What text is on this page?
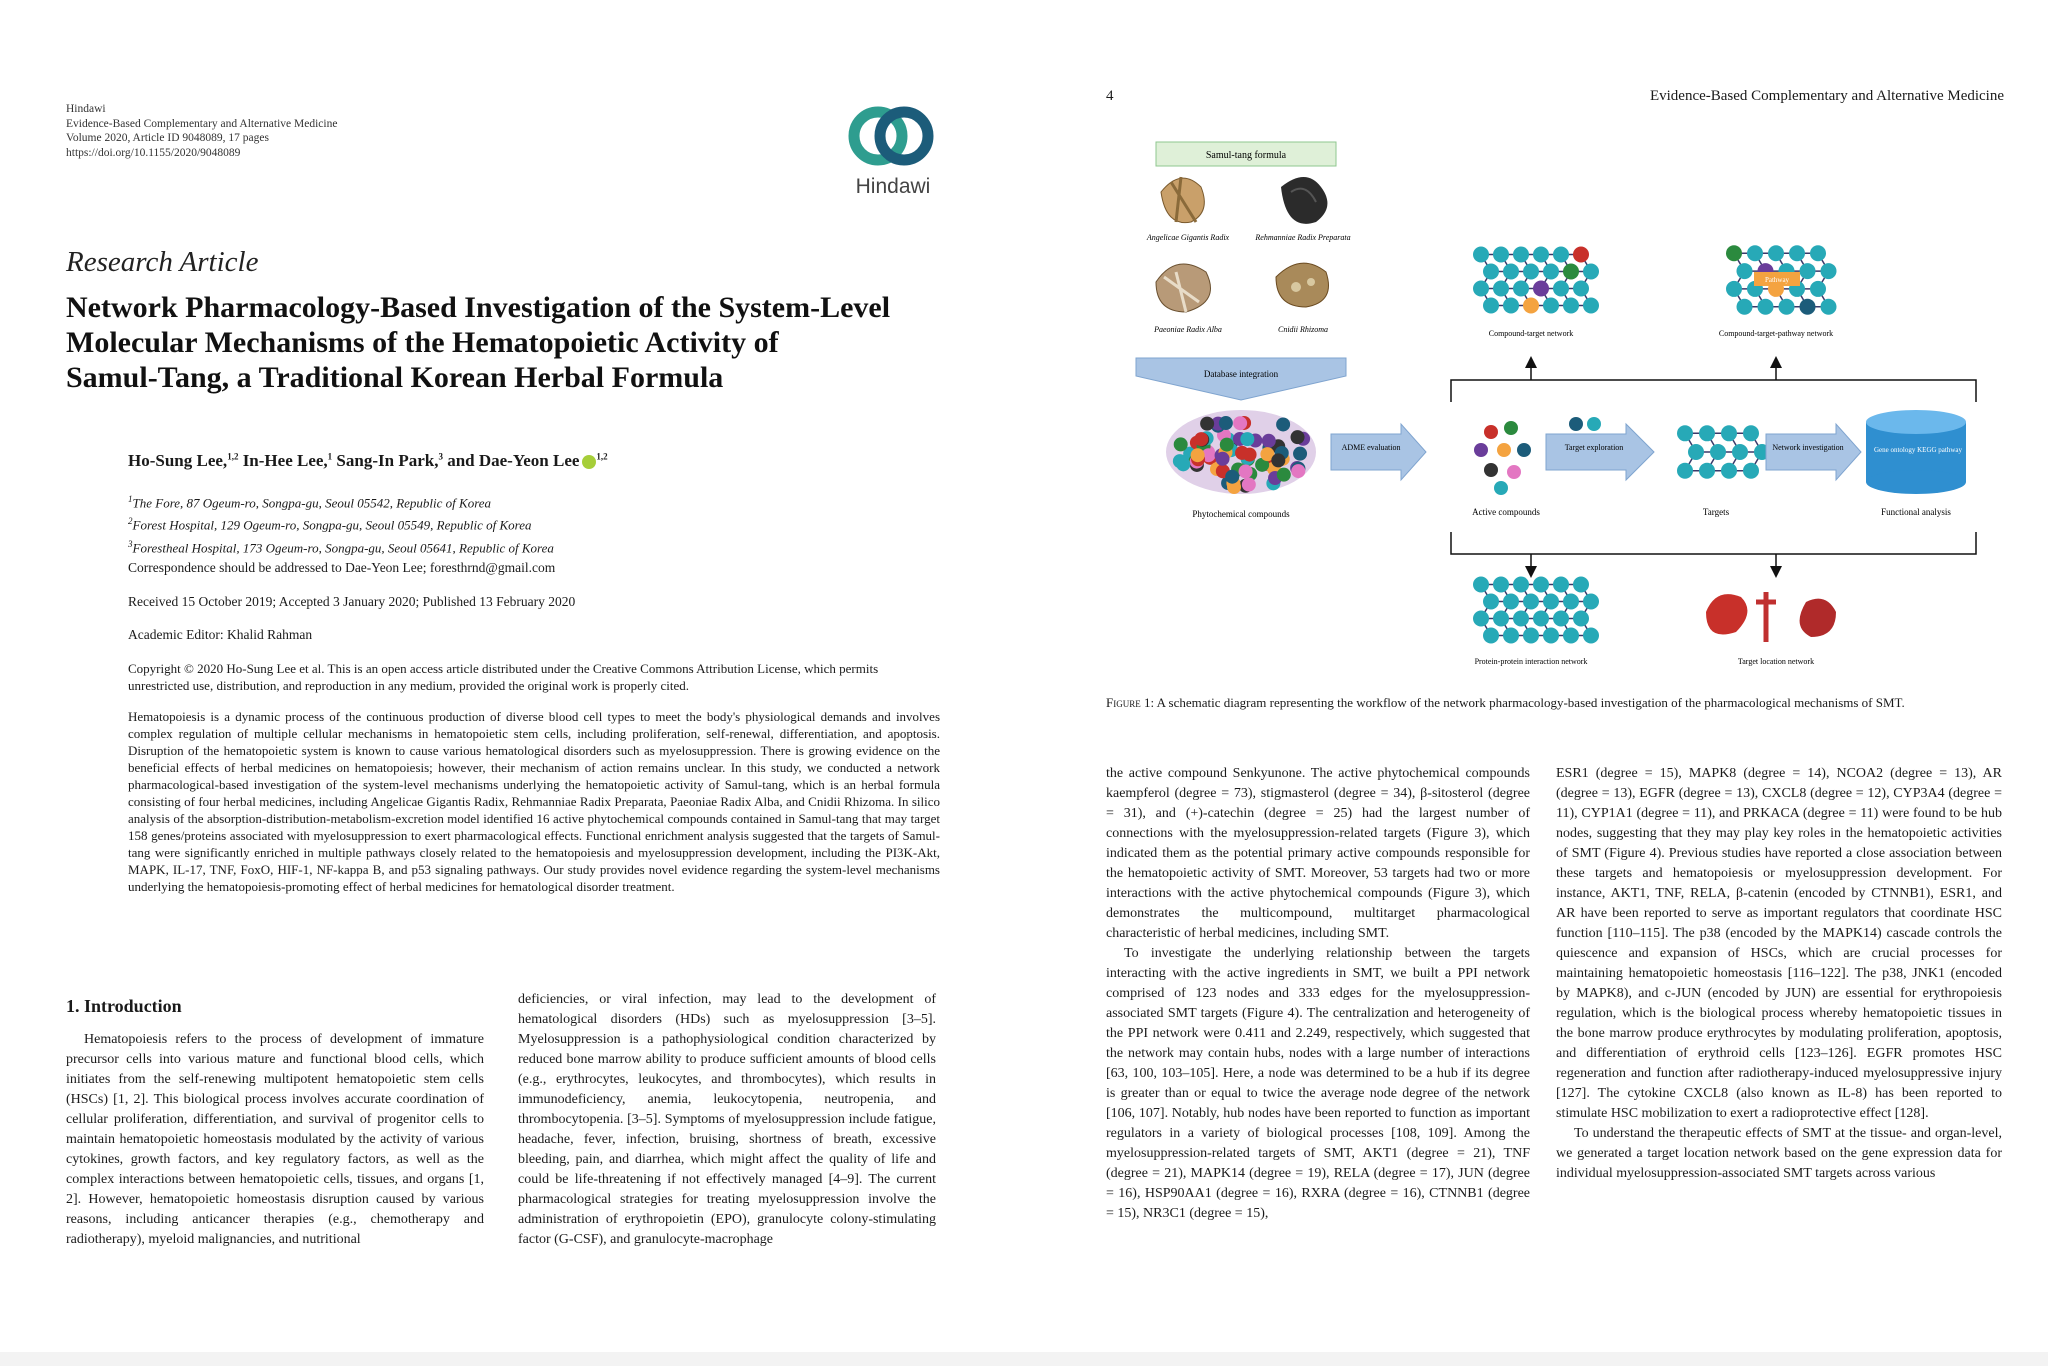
Hindawi
Evidence-Based Complementary and Alternative Medicine
Volume 2020, Article ID 9048089, 17 pages
https://doi.org/10.1155/2020/9048089
Hindawi
Research Article
Network Pharmacology-Based Investigation of the System-Level
Molecular Mechanisms of the Hematopoietic Activity of
Samul-Tang, a Traditional Korean Herbal Formula
Ho-Sung Lee,$^{1,2}$ In-Hee Lee,$^1$ Sang-In Park,$^3$ and Dae-Yeon Lee $^{1,2}$
$^1$The Fore, 87 Ogeum-ro, Songpa-gu, Seoul 05542, Republic of Korea
$^2$Forest Hospital, 129 Ogeum-ro, Songpa-gu, Seoul 05549, Republic of Korea
$^3$Forestheal Hospital, 173 Ogeum-ro, Songpa-gu, Seoul 05641, Republic of Korea
Correspondence should be addressed to Dae-Yeon Lee; foresthrnd@gmail.com
Received 15 October 2019; Accepted 3 January 2020; Published 13 February 2020
Academic Editor: Khalid Rahman
Copyright © 2020 Ho-Sung Lee et al. This is an open access article distributed under the Creative Commons Attribution License, which permits unrestricted use, distribution, and reproduction in any medium, provided the original work is properly cited.
Hematopoiesis is a dynamic process of the continuous production of diverse blood cell types to meet the body's physiological demands and involves complex regulation of multiple cellular mechanisms in hematopoietic stem cells, including proliferation, self-renewal, differentiation, and apoptosis. Disruption of the hematopoietic system is known to cause various hematological disorders such as myelosuppression. There is growing evidence on the beneficial effects of herbal medicines on hematopoiesis; however, their mechanism of action remains unclear. In this study, we conducted a network pharmacological-based investigation of the system-level mechanisms underlying the hematopoietic activity of Samul-tang, which is an herbal formula consisting of four herbal medicines, including Angelicae Gigantis Radix, Rehmanniae Radix Preparata, Paeoniae Radix Alba, and Cnidii Rhizoma. In silico analysis of the absorption-distribution-metabolism-excretion model identified 16 active phytochemical compounds contained in Samul-tang that may target 158 genes/proteins associated with myelosuppression to exert pharmacological effects. Functional enrichment analysis suggested that the targets of Samul-tang were significantly enriched in multiple pathways closely related to the hematopoiesis and myelosuppression development, including the PI3K-Akt, MAPK, IL-17, TNF, FoxO, HIF-1, NF-kappa B, and p53 signaling pathways. Our study provides novel evidence regarding the system-level mechanisms underlying the hematopoiesis-promoting effect of herbal medicines for hematological disorder treatment.
1. Introduction

Hematopoiesis refers to the process of development of immature precursor cells into various mature and functional blood cells, which initiates from the self-renewing multipotent hematopoietic stem cells (HSCs) [1, 2]. This biological process involves accurate coordination of cellular proliferation, differentiation, and survival of progenitor cells to maintain hematopoietic homeostasis modulated by the activity of various cytokines, growth factors, and key regulatory factors, as well as the complex interactions between hematopoietic cells, tissues, and organs [1, 2]. However, hematopoietic homeostasis disruption caused by various reasons, including anticancer therapies (e.g., chemotherapy and radiotherapy), myeloid malignancies, and nutritional

deficiencies, or viral infection, may lead to the development of hematological disorders (HDs) such as myelosuppression [3–5]. Myelosuppression is a pathophysiological condition characterized by reduced bone marrow ability to produce sufficient amounts of blood cells (e.g., erythrocytes, leukocytes, and thrombocytes), which results in immunodeficiency, anemia, leukocytopenia, neutropenia, and thrombocytopenia. [3–5]. Symptoms of myelosuppression include fatigue, headache, fever, infection, bruising, shortness of breath, excessive bleeding, pain, and diarrhea, which might affect the quality of life and could be life-threatening if not effectively managed [4–9]. The current pharmacological strategies for treating myelosuppression involve the administration of erythropoietin (EPO), granulocyte colony-stimulating factor (G-CSF), and granulocyte-macrophage

4	Evidence-Based Complementary and Alternative Medicine
Samul-tang formula
Angelicae Gigantis Radix	Rehmanniae Radix Preparata
Paeoniae Radix Alba	Cnidii Rhizoma
Database integration
Phytochemical compounds
ADME evaluation
Active compounds
Target exploration
Targets
Network investigation	Gene ontology KEGG pathway
Functional analysis
Compound-target network
Pathway
Compound-target-pathway network
Protein-protein interaction network	Target location network
Figure 1: A schematic diagram representing the workflow of the network pharmacology-based investigation of the pharmacological mechanisms of SMT.

the active compound Senkyunone. The active phytochemical compounds kaempferol (degree = 73), stigmasterol (degree = 34), β-sitosterol (degree = 31), and (+)-catechin (degree = 25) had the largest number of connections with the myelosuppression-related targets (Figure 3), which indicated them as the potential primary active compounds responsible for the hematopoietic activity of SMT. Moreover, 53 targets had two or more interactions with the active phytochemical compounds (Figure 3), which demonstrates the multicompound, multitarget pharmacological characteristic of herbal medicines, including SMT.

To investigate the underlying relationship between the targets interacting with the active ingredients in SMT, we built a PPI network comprised of 123 nodes and 333 edges for the myelosuppression-associated SMT targets (Figure 4). The centralization and heterogeneity of the PPI network were 0.411 and 2.249, respectively, which suggested that the network may contain hubs, nodes with a large number of interactions [63, 100, 103–105]. Here, a node was determined to be a hub if its degree is greater than or equal to twice the average node degree of the network [106, 107]. Notably, hub nodes have been reported to function as important regulators in a variety of biological processes [108, 109]. Among the myelosuppression-related targets of SMT, AKT1 (degree = 21), TNF (degree = 21), MAPK14 (degree = 19), RELA (degree = 17), JUN (degree = 16), HSP90AA1 (degree = 16), RXRA (degree = 16), CTNNB1 (degree = 15), NR3C1 (degree = 15),

ESR1 (degree = 15), MAPK8 (degree = 14), NCOA2 (degree = 13), AR (degree = 13), EGFR (degree = 13), CXCL8 (degree = 12), CYP3A4 (degree = 11), CYP1A1 (degree = 11), and PRKACA (degree = 11) were found to be hub nodes, suggesting that they may play key roles in the hematopoietic activities of SMT (Figure 4). Previous studies have reported a close association between these targets and hematopoiesis or myelosuppression development. For instance, AKT1, TNF, RELA, β-catenin (encoded by CTNNB1), ESR1, and AR have been reported to serve as important regulators that coordinate HSC function [110–115]. The p38 (encoded by the MAPK14) cascade controls the quiescence and expansion of HSCs, which are crucial processes for maintaining hematopoietic homeostasis [116–122]. The p38, JNK1 (encoded by MAPK8), and c-JUN (encoded by JUN) are essential for erythropoiesis regulation, which is the biological process whereby hematopoietic tissues in the bone marrow produce erythrocytes by modulating proliferation, apoptosis, and differentiation of erythroid cells [123–126]. EGFR promotes HSC regeneration and function after radiotherapy-induced myelosuppressive injury [127]. The cytokine CXCL8 (also known as IL-8) has been reported to stimulate HSC mobilization to exert a radioprotective effect [128].

To understand the therapeutic effects of SMT at the tissue- and organ-level, we generated a target location network based on the gene expression data for individual myelosuppression-associated SMT targets across various
